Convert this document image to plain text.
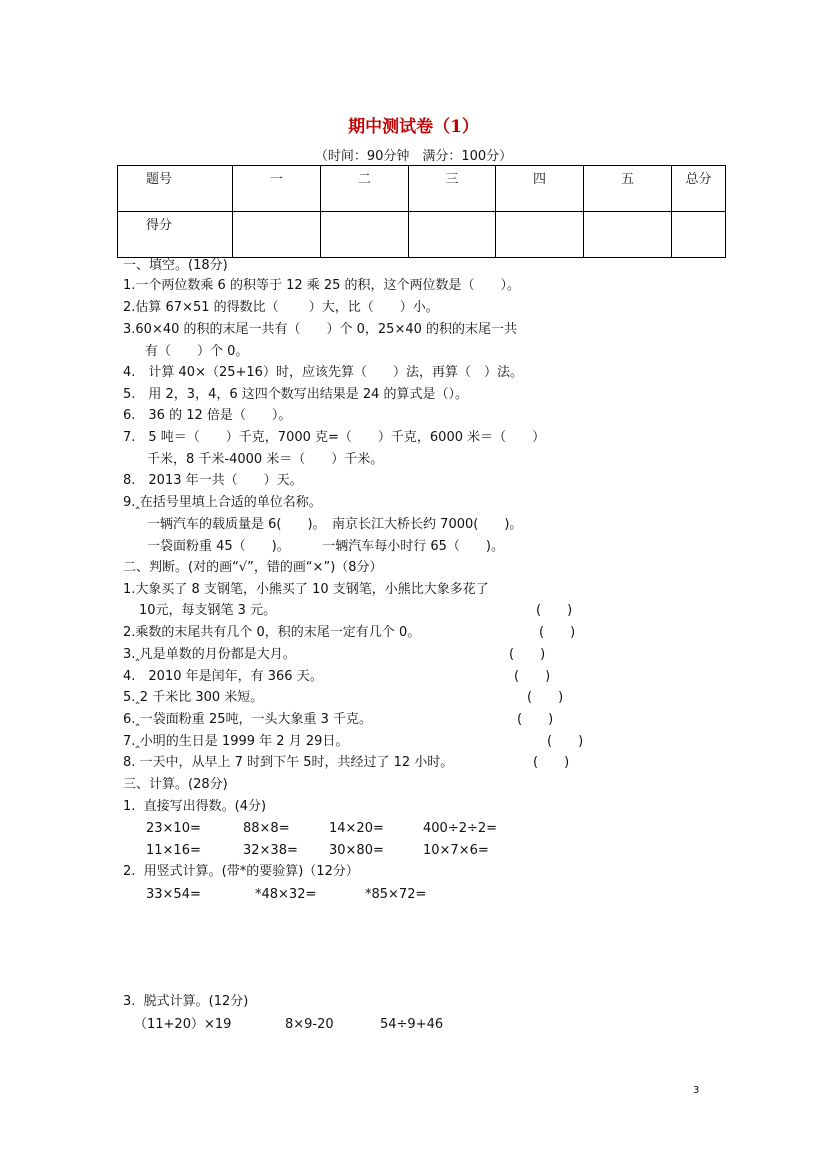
期中测试卷（1）
（时间：90分钟　满分：100分）
题号	一	二	三	四	五	总分
得分						
一、填空。(18分)
1.一个两位数乘 6 的积等于 12 乘 25 的积，这个两位数是（　　）。
2.估算 67×51 的得数比（　　 ）大，比（　　）小。
3.60×40 的积的末尾一共有（　　）个 0，25×40 的积的末尾一共
有（　　）个 0。
4.　计算 40×（25+16）时，应该先算（　　）法，再算（　）法。
5.　用 2，3，4，6 这四个数写出结果是 24 的算式是（）。
6.　36 的 12 倍是（　　）。
7.　5 吨＝（　　）千克，7000 克=（　　）千克，6000 米＝（　　）
千米，8 千米-4000 米＝（　　）千米。
8.　2013 年一共（　　）天。
9.‸在括号里填上合适的单位名称。
一辆汽车的载质量是 6(　　)。　南京长江大桥长约 7000(　　)。
一袋面粉重 45（　　)。　　　一辆汽车每小时行 65（　　)。
二、判断。(对的画“√”，错的画“×”)（8分）
1.大象买了 8 支钢笔，小熊买了 10 支钢笔，小熊比大象多花了
10元，每支钢笔 3 元。	(　　)
2.乘数的末尾共有几个 0，积的末尾一定有几个 0。	(　　)
3.‸凡是单数的月份都是大月。	(　　)
4.　2010 年是闰年，有 366 天。	(　　)
5.‸2 千米比 300 米短。	(　　)
6.‸一袋面粉重 25吨，一头大象重 3 千克。	(　　)
7.‸小明的生日是 1999 年 2 月 29日。	(　　)
8. 一天中，从早上 7 时到下午 5时，共经过了 12 小时。	(　　)
三、计算。(28分)
1.  直接写出得数。(4分)
23×10=	88×8=	14×20=	400÷2÷2=
11×16=	32×38= 30×80=	10×7×6=
2.  用竖式计算。(带*的要验算)（12分）
33×54=	*48×32=	*85×72=
3.  脱式计算。(12分)
（11+20）×19	8×9-20	54÷9+46
3
